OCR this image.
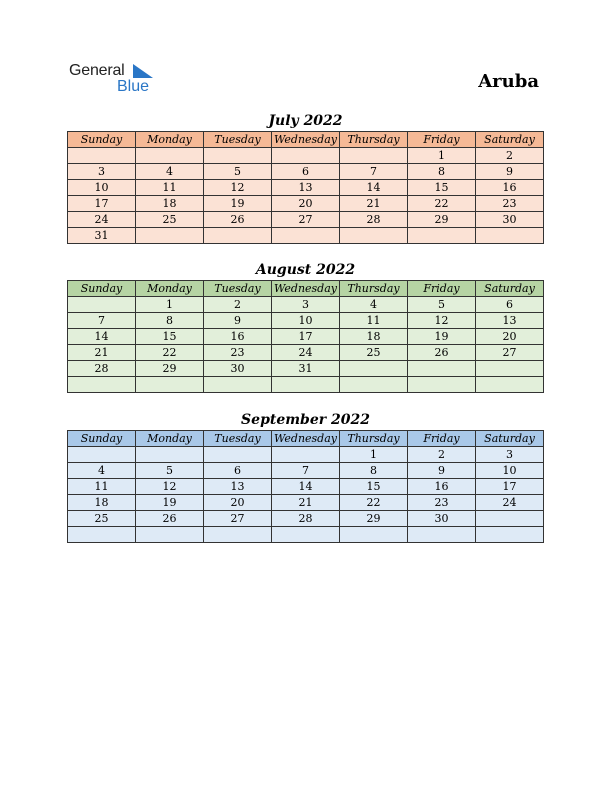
General
Blue	Aruba
July 2022
Sunday	Monday	Tuesday	Wednesday	Thursday	Friday	Saturday
					1	2
3	4	5	6	7	8	9
10	11	12	13	14	15	16
17	18	19	20	21	22	23
24	25	26	27	28	29	30
31						
August 2022
Sunday	Monday	Tuesday	Wednesday	Thursday	Friday	Saturday
	1	2	3	4	5	6
7	8	9	10	11	12	13
14	15	16	17	18	19	20
21	22	23	24	25	26	27
28	29	30	31			

September 2022
Sunday	Monday	Tuesday	Wednesday	Thursday	Friday	Saturday
				1	2	3
4	5	6	7	8	9	10
11	12	13	14	15	16	17
18	19	20	21	22	23	24
25	26	27	28	29	30	
